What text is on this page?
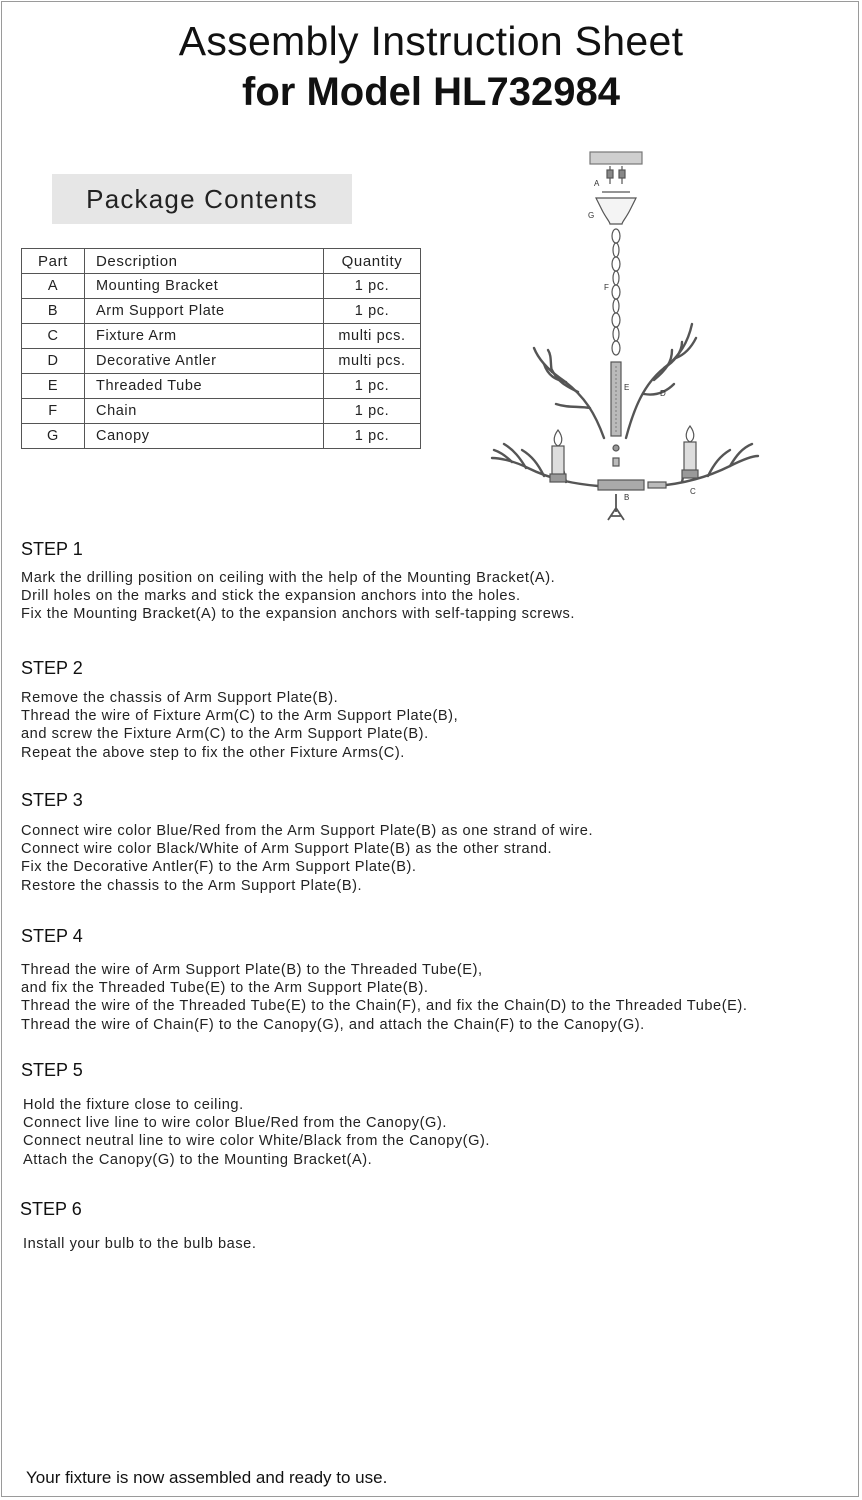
Assembly Instruction Sheet
for Model HL732984
Package Contents
Part	Description	Quantity
A	Mounting Bracket	1 pc.
B	Arm Support Plate	1 pc.
C	Fixture Arm	multi pcs.
D	Decorative Antler	multi pcs.
E	Threaded Tube	1 pc.
F	Chain	1 pc.
G	Canopy	1 pc.
A
G
F
E
D
B
C
STEP 1
Mark the drilling position on ceiling with the help of the Mounting Bracket(A).
Drill holes on the marks and stick the expansion anchors into the holes.
Fix the Mounting Bracket(A) to the expansion anchors with self-tapping screws.
STEP 2
Remove the chassis of Arm Support Plate(B).
Thread the wire of Fixture Arm(C) to the Arm Support Plate(B),
and screw the Fixture Arm(C) to the Arm Support Plate(B).
Repeat the above step to fix the other Fixture Arms(C).
STEP 3
Connect wire color Blue/Red from the Arm Support Plate(B) as one strand of wire.
Connect wire color Black/White of Arm Support Plate(B) as the other strand.
Fix the Decorative Antler(F) to the Arm Support Plate(B).
Restore the chassis to the Arm Support Plate(B).
STEP 4
Thread the wire of Arm Support Plate(B) to the Threaded Tube(E),
and fix the Threaded Tube(E) to the Arm Support Plate(B).
Thread the wire of the Threaded Tube(E) to the Chain(F), and fix the Chain(D) to the Threaded Tube(E).
Thread the wire of Chain(F) to the Canopy(G), and attach the Chain(F) to the Canopy(G).
STEP 5
Hold the fixture close to ceiling.
Connect live line to wire color Blue/Red from the Canopy(G).
Connect neutral line to wire color White/Black from the Canopy(G).
Attach the Canopy(G) to the Mounting Bracket(A).
STEP 6
Install your bulb to the bulb base.
Your fixture is now assembled and ready to use.
